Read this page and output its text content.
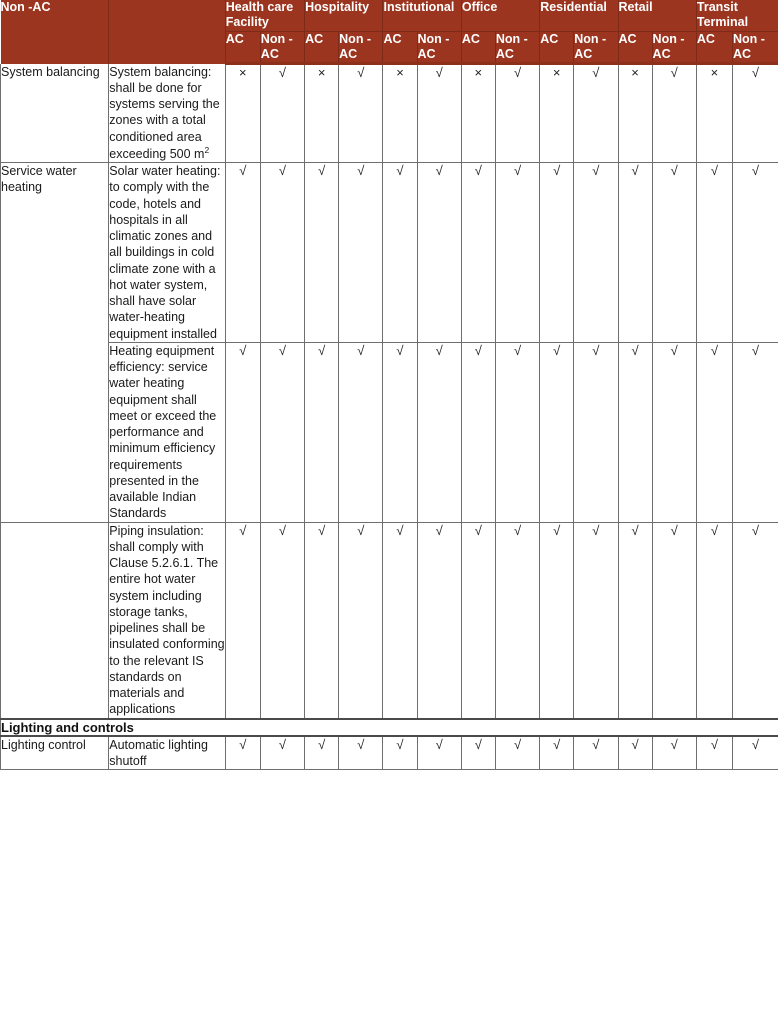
Non -AC		Health care Facility		Hospitality		Institutional		Office		Residential		Retail		Transit Terminal	
		AC	Non -AC	AC	Non -AC	AC	Non -AC	AC	Non -AC	AC	Non -AC	AC	Non -AC	AC	Non -AC
System balancing	System balancing: shall be done for systems serving the zones with a total conditioned area exceeding 500 $m^2$	×	√	×	√	×	√	×	√	×	√	×	√	×	√
Service water heating	Solar water heating: to comply with the code, hotels and hospitals in all climatic zones and all buildings in cold climate zone with a hot water system, shall have solar water-heating equipment installed	√	√	√	√	√	√	√	√	√	√	√	√	√	√
	Heating equipment efficiency: service water heating equipment shall meet or exceed the performance and minimum efficiency requirements presented in the available Indian Standards	√	√	√	√	√	√	√	√	√	√	√	√	√	√
	Piping insulation: shall comply with Clause 5.2.6.1. The entire hot water system including storage tanks, pipelines shall be insulated conforming to the relevant IS standards on materials and applications	√	√	√	√	√	√	√	√	√	√	√	√	√	√
Lighting and controls															
Lighting control	Automatic lighting shutoff	√	√	√	√	√	√	√	√	√	√	√	√	√	√
